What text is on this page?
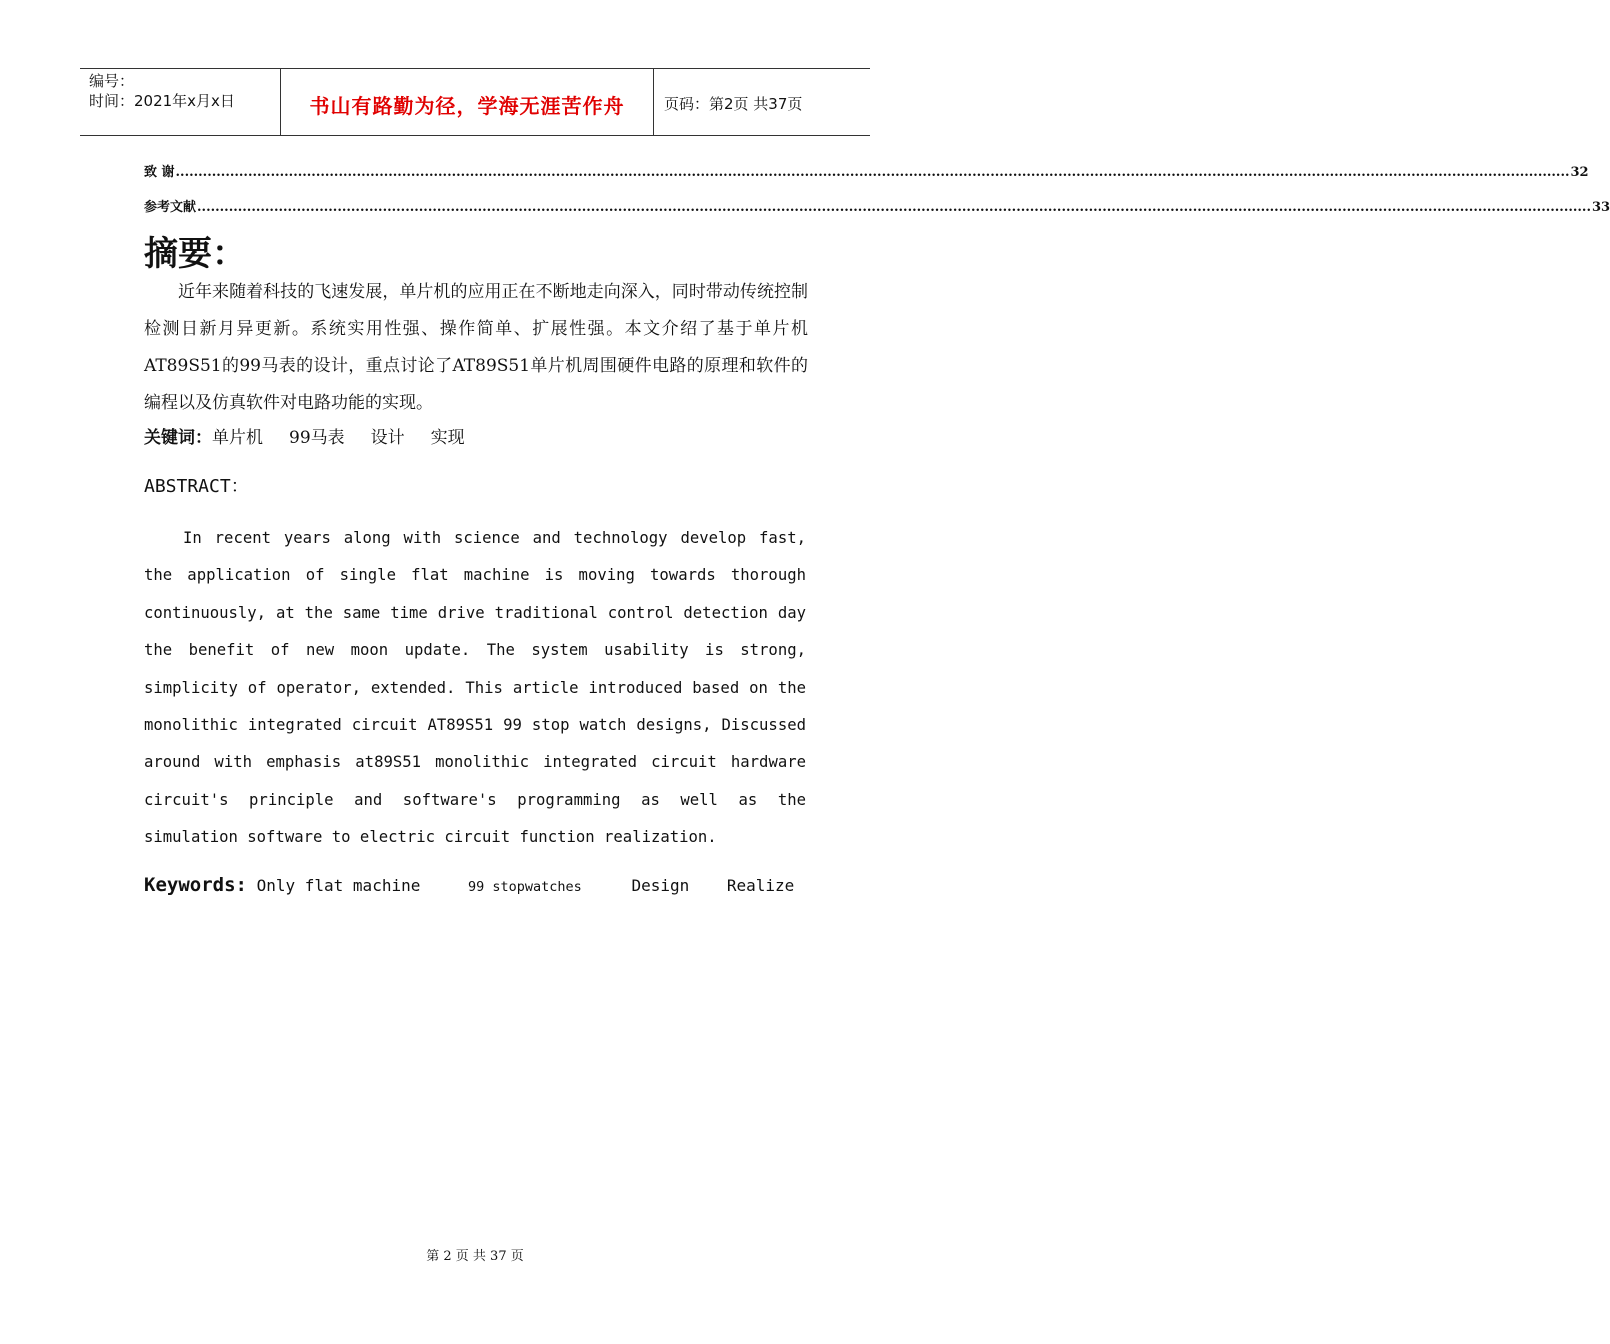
编号：
时间：2021年x月x日	书山有路勤为径，学海无涯苦作舟	页码：第2页 共37页
致 谢 .................................................................................................................................................................................................................................................................................................................... 32
参考文献 .................................................................................................................................................................................................................................................................................................................... 33
摘要：

近年来随着科技的飞速发展，单片机的应用正在不断地走向深入，同时带动传统控制检测日新月异更新。系统实用性强、操作简单、扩展性强。本文介绍了基于单片机AT89S51的99马表的设计，重点讨论了AT89S51单片机周围硬件电路的原理和软件的编程以及仿真软件对电路功能的实现。

关键词：单片机 99马表 设计 实现
ABSTRACT：

In recent years along with science and technology develop fast, the application of single flat machine is moving towards thorough continuously, at the same time drive traditional control detection day the benefit of new moon update. The system usability is strong, simplicity of operator, extended. This article introduced based on the monolithic integrated circuit AT89S51 99 stop watch designs, Discussed around with emphasis at89S51 monolithic integrated circuit hardware circuit's principle and software's programming as well as the simulation software to electric circuit function realization.

Keywords: Only flat machine	99 stopwatches	Design Realize
第 2 页 共 37 页
